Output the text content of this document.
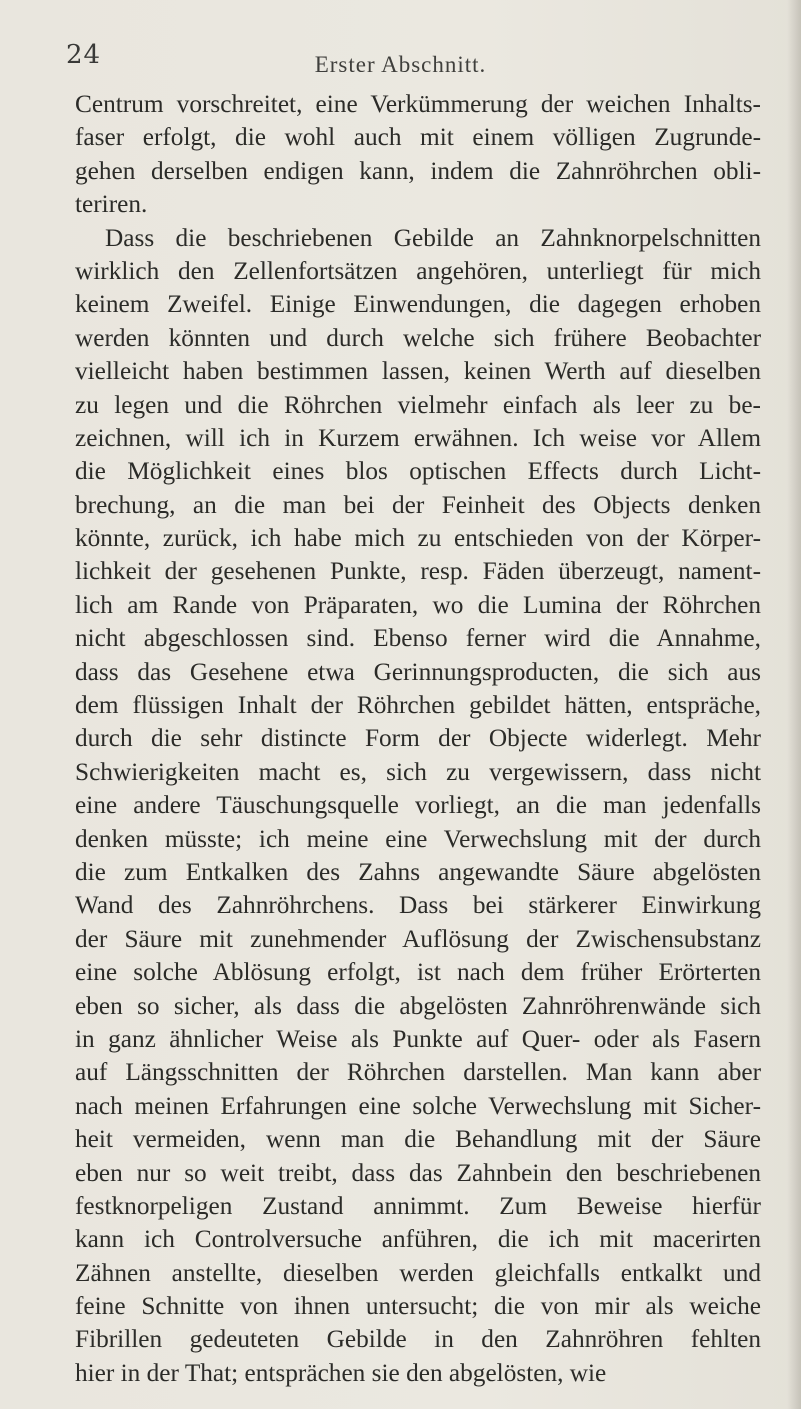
24	Erster Abschnitt.
Centrum vorschreitet, eine Verkümmerung der weichen Inhalts-
faser erfolgt, die wohl auch mit einem völligen Zugrunde-
gehen derselben endigen kann, indem die Zahnröhrchen obli-
teriren.
Dass die beschriebenen Gebilde an Zahnknorpelschnitten
wirklich den Zellenfortsätzen angehören, unterliegt für mich
keinem Zweifel. Einige Einwendungen, die dagegen erhoben
werden könnten und durch welche sich frühere Beobachter
vielleicht haben bestimmen lassen, keinen Werth auf dieselben
zu legen und die Röhrchen vielmehr einfach als leer zu be-
zeichnen, will ich in Kurzem erwähnen. Ich weise vor Allem
die Möglichkeit eines blos optischen Effects durch Licht-
brechung, an die man bei der Feinheit des Objects denken
könnte, zurück, ich habe mich zu entschieden von der Körper-
lichkeit der gesehenen Punkte, resp. Fäden überzeugt, nament-
lich am Rande von Präparaten, wo die Lumina der Röhrchen
nicht abgeschlossen sind. Ebenso ferner wird die Annahme,
dass das Gesehene etwa Gerinnungsproducten, die sich aus
dem flüssigen Inhalt der Röhrchen gebildet hätten, entspräche,
durch die sehr distincte Form der Objecte widerlegt. Mehr
Schwierigkeiten macht es, sich zu vergewissern, dass nicht
eine andere Täuschungsquelle vorliegt, an die man jedenfalls
denken müsste; ich meine eine Verwechslung mit der durch
die zum Entkalken des Zahns angewandte Säure abgelösten
Wand des Zahnröhrchens. Dass bei stärkerer Einwirkung
der Säure mit zunehmender Auflösung der Zwischensubstanz
eine solche Ablösung erfolgt, ist nach dem früher Erörterten
eben so sicher, als dass die abgelösten Zahnröhrenwände sich
in ganz ähnlicher Weise als Punkte auf Quer- oder als Fasern
auf Längsschnitten der Röhrchen darstellen. Man kann aber
nach meinen Erfahrungen eine solche Verwechslung mit Sicher-
heit vermeiden, wenn man die Behandlung mit der Säure
eben nur so weit treibt, dass das Zahnbein den beschriebenen
festknorpeligen Zustand annimmt. Zum Beweise hierfür
kann ich Controlversuche anführen, die ich mit macerirten
Zähnen anstellte, dieselben werden gleichfalls entkalkt und
feine Schnitte von ihnen untersucht; die von mir als weiche
Fibrillen gedeuteten Gebilde in den Zahnröhren fehlten
hier in der That; entsprächen sie den abgelösten, wie
